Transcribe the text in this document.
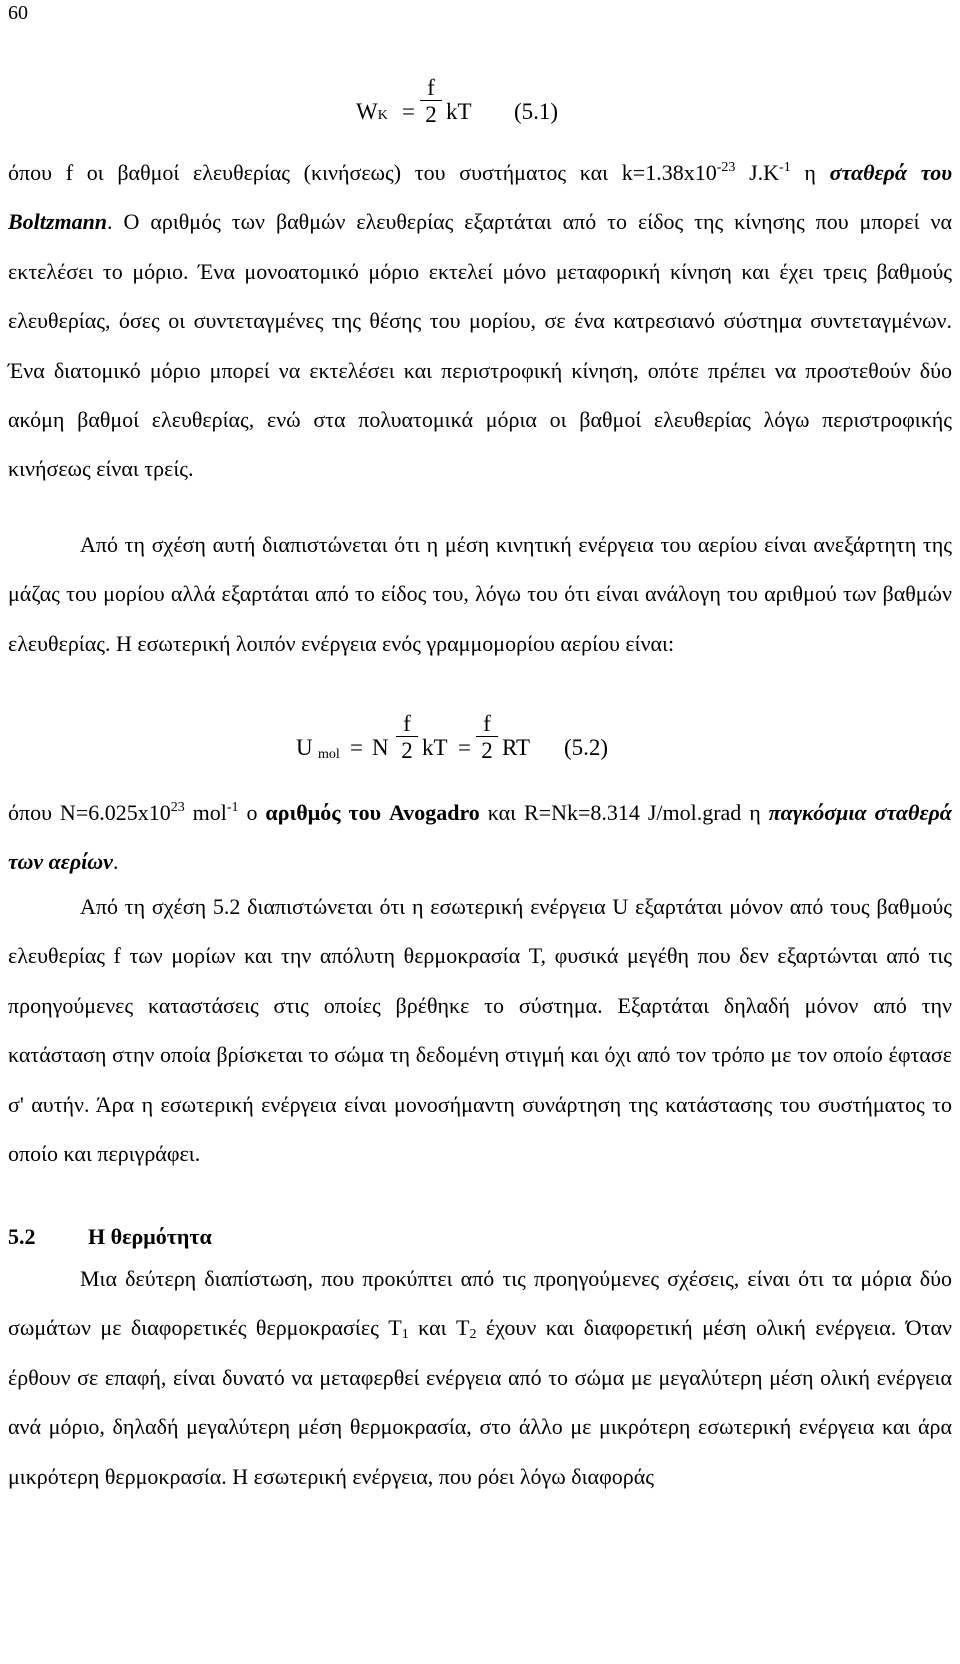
60
WK =
f
2 kT (5.1)

όπου f οι βαθμοί ελευθερίας (κινήσεως) του συστήματος και $k=1.38x10^{-23}$ $J.K^{-1}$ η σταθερά του Boltzmann. Ο αριθμός των βαθμών ελευθερίας εξαρτάται από το είδος της κίνησης που μπορεί να εκτελέσει το μόριο. Ένα μονοατομικό μόριο εκτελεί μόνο μεταφορική κίνηση και έχει τρεις βαθμούς ελευθερίας, όσες οι συντεταγμένες της θέσης του μορίου, σε ένα κατρεσιανό σύστημα συντεταγμένων. Ένα διατομικό μόριο μπορεί να εκτελέσει και περιστροφική κίνηση, οπότε πρέπει να προστεθούν δύο ακόμη βαθμοί ελευθερίας, ενώ στα πολυατομικά μόρια οι βαθμοί ελευθερίας λόγω περιστροφικής κινήσεως είναι τρείς.

Από τη σχέση αυτή διαπιστώνεται ότι η μέση κινητική ενέργεια του αερίου είναι ανεξάρτητη της μάζας του μορίου αλλά εξαρτάται από το είδος του, λόγω του ότι είναι ανάλογη του αριθμού των βαθμών ελευθερίας. Η εσωτερική λοιπόν ενέργεια ενός γραμμομορίου αερίου είναι:

U mol = N
f
2 kT =
f
2 RT (5.2)

όπου $N=6.025x10^{23}$ mol$^{-1}$ ο αριθμός του Avogadro και R=Nk=8.314 J/mol.grad η παγκόσμια σταθερά των αερίων.

Από τη σχέση 5.2 διαπιστώνεται ότι η εσωτερική ενέργεια U εξαρτάται μόνον από τους βαθμούς ελευθερίας f των μορίων και την απόλυτη θερμοκρασία T, φυσικά μεγέθη που δεν εξαρτώνται από τις προηγούμενες καταστάσεις στις οποίες βρέθηκε το σύστημα. Εξαρτάται δηλαδή μόνον από την κατάσταση στην οποία βρίσκεται το σώμα τη δεδομένη στιγμή και όχι από τον τρόπο με τον οποίο έφτασε σ' αυτήν. Άρα η εσωτερική ενέργεια είναι μονοσήμαντη συνάρτηση της κατάστασης του συστήματος το οποίο και περιγράφει.

5.2 Η θερμότητα

Μια δεύτερη διαπίστωση, που προκύπτει από τις προηγούμενες σχέσεις, είναι ότι τα μόρια δύο σωμάτων με διαφορετικές θερμοκρασίες $T_1$ και $T_2$ έχουν και διαφορετική μέση ολική ενέργεια. Όταν έρθουν σε επαφή, είναι δυνατό να μεταφερθεί ενέργεια από το σώμα με μεγαλύτερη μέση ολική ενέργεια ανά μόριο, δηλαδή μεγαλύτερη μέση θερμοκρασία, στο άλλο με μικρότερη εσωτερική ενέργεια και άρα μικρότερη θερμοκρασία. Η εσωτερική ενέργεια, που ρόει λόγω διαφοράς
